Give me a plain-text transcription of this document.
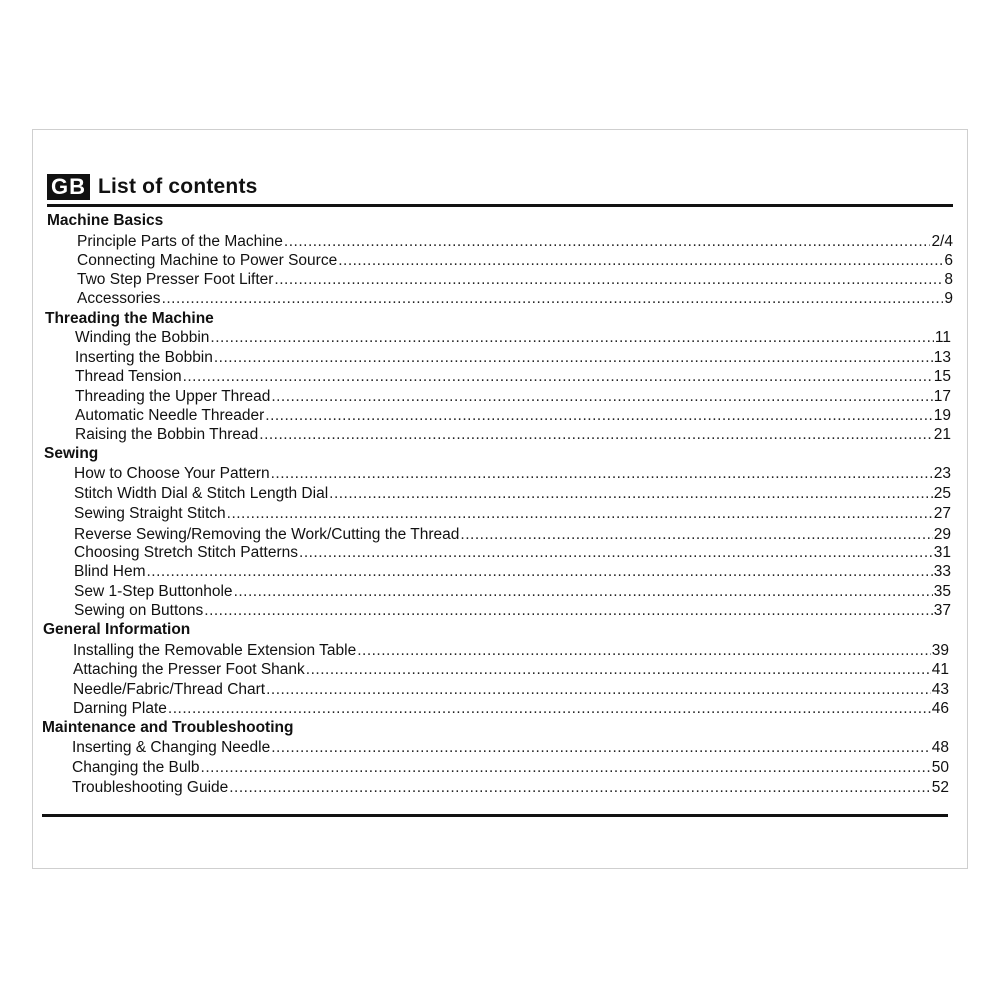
GB List of contents
Machine Basics
Principle Parts of the Machine .....	2/4
Connecting Machine to Power Source .....	6
Two Step Presser Foot Lifter .....	8
Accessories .....	9
Threading the Machine
Winding the Bobbin .....	11
Inserting the Bobbin .....	13
Thread Tension .....	15
Threading the Upper Thread .....	17
Automatic Needle Threader .....	19
Raising the Bobbin Thread .....	21
Sewing
How to Choose Your Pattern .....	23
Stitch Width Dial & Stitch Length Dial .....	25
Sewing Straight Stitch .....	27
Reverse Sewing/Removing the Work/Cutting the Thread .....	29
Choosing Stretch Stitch Patterns .....	31
Blind Hem .....	33
Sew 1-Step Buttonhole .....	35
Sewing on Buttons .....	37
General Information
Installing the Removable Extension Table .....	39
Attaching the Presser Foot Shank .....	41
Needle/Fabric/Thread Chart .....	43
Darning Plate .....	46
Maintenance and Troubleshooting
Inserting & Changing Needle .....	48
Changing the Bulb .....	50
Troubleshooting Guide .....	52
